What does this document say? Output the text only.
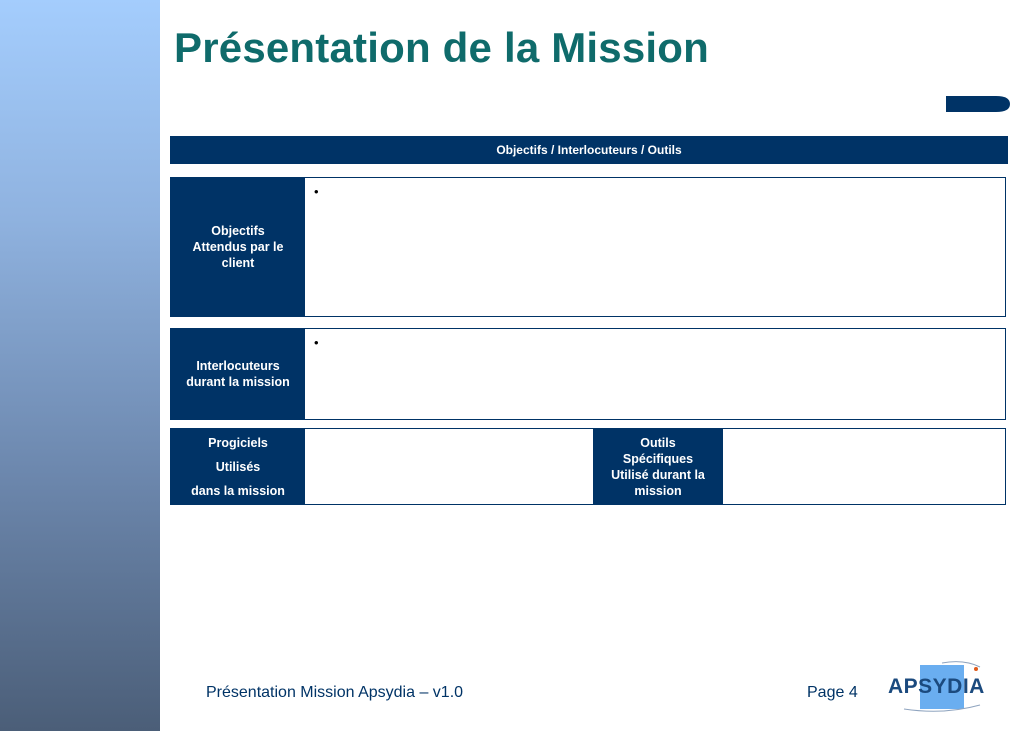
Présentation de la Mission
Objectifs / Interlocuteurs / Outils
Objectifs
Attendus par le
client
•
Interlocuteurs
durant la mission
•
Progiciels
Utilisés
dans la mission
Outils
Spécifiques
Utilisé durant la
mission
Présentation Mission Apsydia – v1.0	Page 4 APSYDIA
